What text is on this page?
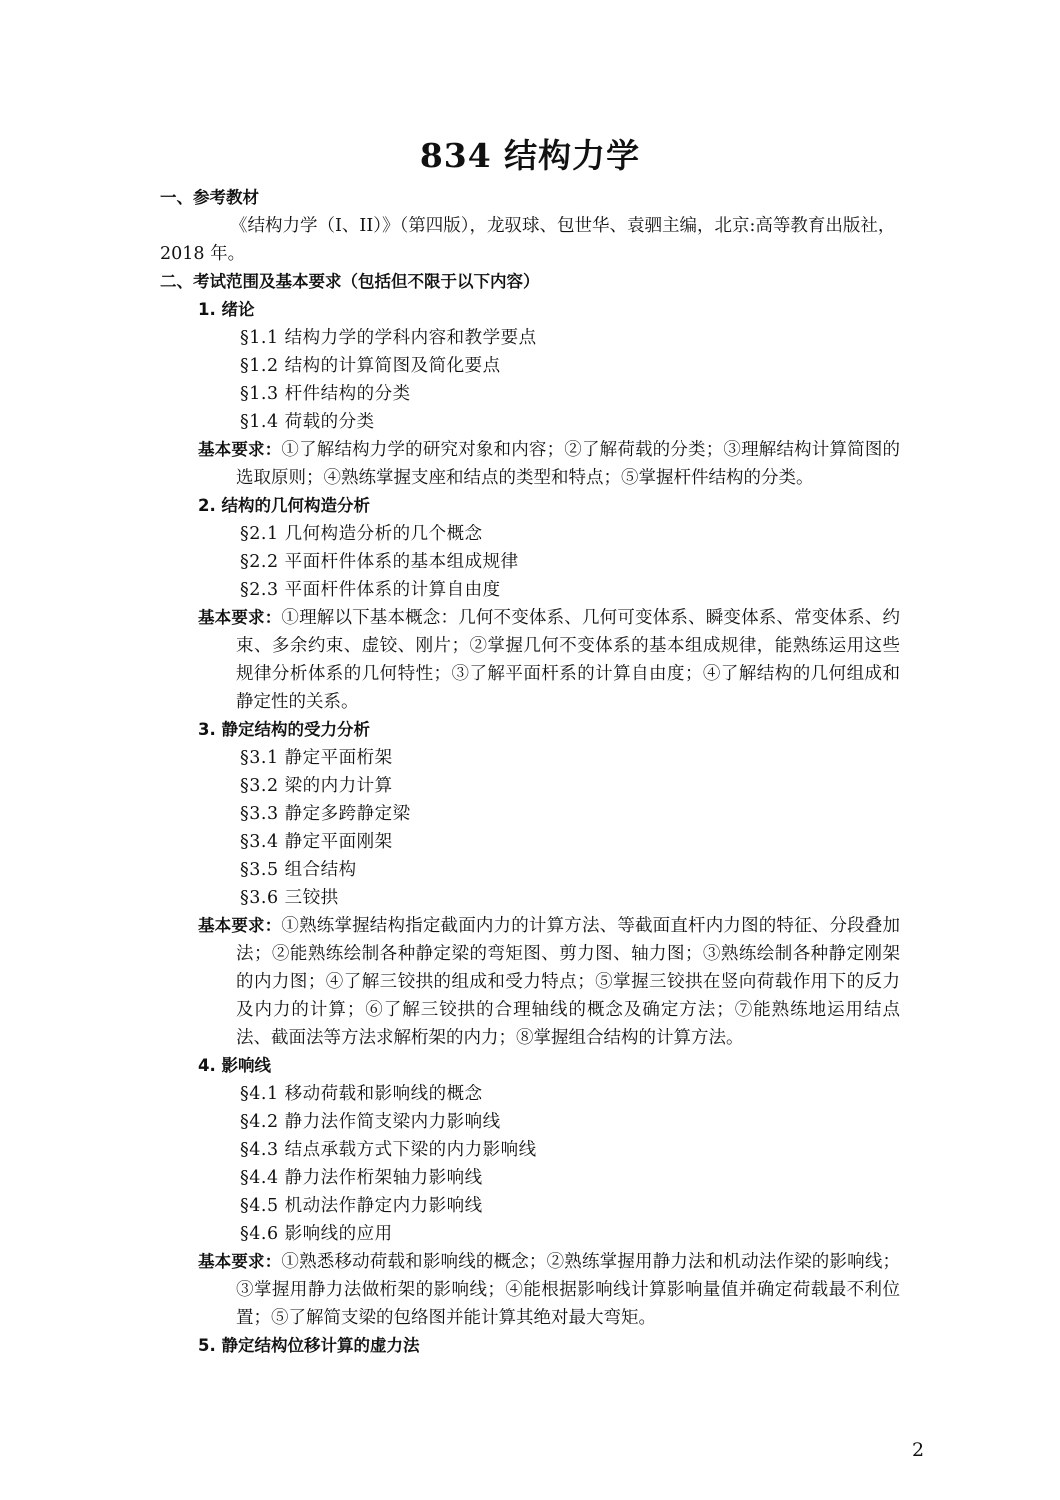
834 结构力学
一、参考教材
《结构力学（I、II）》（第四版），龙驭球、包世华、袁驷主编，北京:高等教育出版社，2018 年。
二、考试范围及基本要求（包括但不限于以下内容）
1. 绪论
§1.1 结构力学的学科内容和教学要点
§1.2 结构的计算简图及简化要点
§1.3 杆件结构的分类
§1.4 荷载的分类
基本要求：①了解结构力学的研究对象和内容；②了解荷载的分类；③理解结构计算简图的选取原则；④熟练掌握支座和结点的类型和特点；⑤掌握杆件结构的分类。
2. 结构的几何构造分析
§2.1 几何构造分析的几个概念
§2.2 平面杆件体系的基本组成规律
§2.3 平面杆件体系的计算自由度
基本要求：①理解以下基本概念：几何不变体系、几何可变体系、瞬变体系、常变体系、约束、多余约束、虚铰、刚片；②掌握几何不变体系的基本组成规律，能熟练运用这些规律分析体系的几何特性；③了解平面杆系的计算自由度；④了解结构的几何组成和静定性的关系。
3. 静定结构的受力分析
§3.1 静定平面桁架
§3.2 梁的内力计算
§3.3 静定多跨静定梁
§3.4 静定平面刚架
§3.5 组合结构
§3.6 三铰拱
基本要求：①熟练掌握结构指定截面内力的计算方法、等截面直杆内力图的特征、分段叠加法；②能熟练绘制各种静定梁的弯矩图、剪力图、轴力图；③熟练绘制各种静定刚架的内力图；④了解三铰拱的组成和受力特点；⑤掌握三铰拱在竖向荷载作用下的反力及内力的计算；⑥了解三铰拱的合理轴线的概念及确定方法；⑦能熟练地运用结点法、截面法等方法求解桁架的内力；⑧掌握组合结构的计算方法。
4. 影响线
§4.1 移动荷载和影响线的概念
§4.2 静力法作简支梁内力影响线
§4.3 结点承载方式下梁的内力影响线
§4.4 静力法作桁架轴力影响线
§4.5 机动法作静定内力影响线
§4.6 影响线的应用
基本要求：①熟悉移动荷载和影响线的概念；②熟练掌握用静力法和机动法作梁的影响线；③掌握用静力法做桁架的影响线；④能根据影响线计算影响量值并确定荷载最不利位置；⑤了解简支梁的包络图并能计算其绝对最大弯矩。
5. 静定结构位移计算的虚力法
2
